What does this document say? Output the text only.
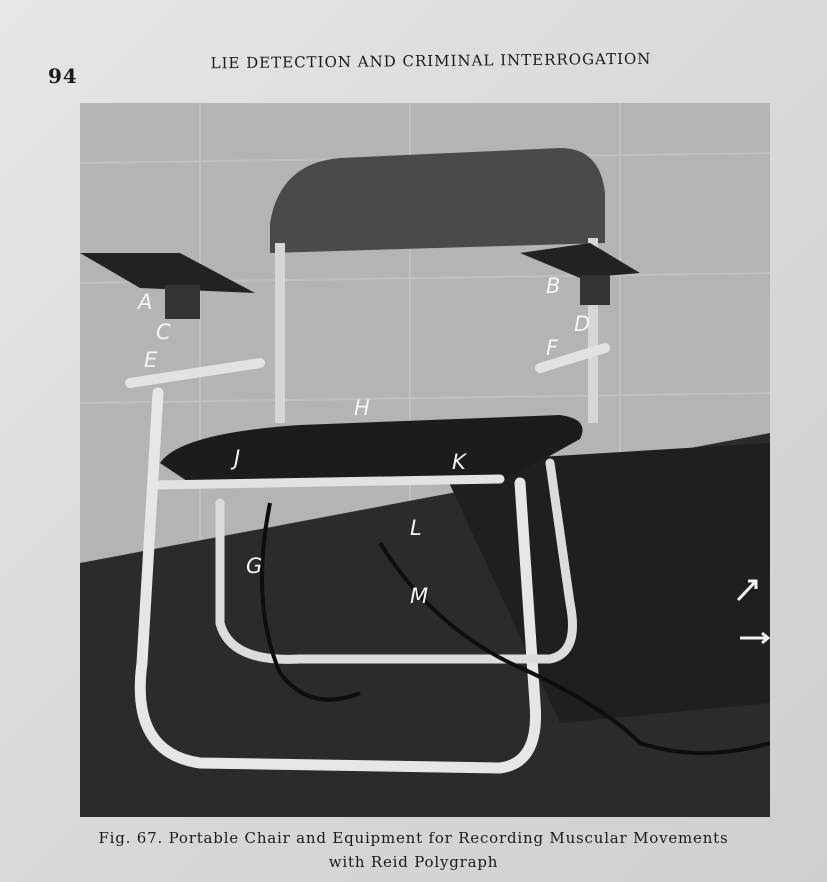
94
LIE DETECTION AND CRIMINAL INTERROGATION
A
B
C	D
E	F
G
H
J	K
L
M
Fig. 67. Portable Chair and Equipment for Recording Muscular Movements
with Reid Polygraph
